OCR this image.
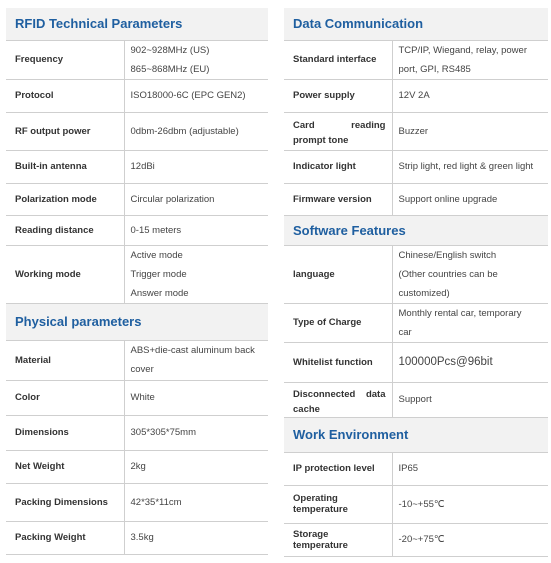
RFID Technical Parameters	
Frequency	902~928MHz (US)
865~868MHz (EU)

Protocol	ISO18000-6C (EPC GEN2)
RF output power	0dbm-26dbm (adjustable)
Built-in antenna	12dBi
Polarization mode	Circular polarization
Reading distance	0-15 meters
Working mode	Active mode
Trigger mode
Answer mode

Physical parameters	
Material	ABS+die-cast aluminum back
cover

Color	White
Dimensions	305*305*75mm
Net Weight	2kg
Packing Dimensions	42*35*11cm
Packing Weight	3.5kg
Data Communication	
Standard interface	TCP/IP, Wiegand, relay, power
port, GPI, RS485

Power supply	12V 2A

Card reading
prompt tone	Buzzer
Indicator light	Strip light, red light & green light
Firmware version	Support online upgrade
Software Features	
language	Chinese/English switch
(Other countries can be
customized)

Type of Charge	Monthly rental car, temporary
car

Whitelist function	100000Pcs@96bit

Disconnected data
cache	Support
Work Environment	
IP protection level	IP65

Operating
temperature	-10~+55℃
Storage temperature	-20~+75℃
